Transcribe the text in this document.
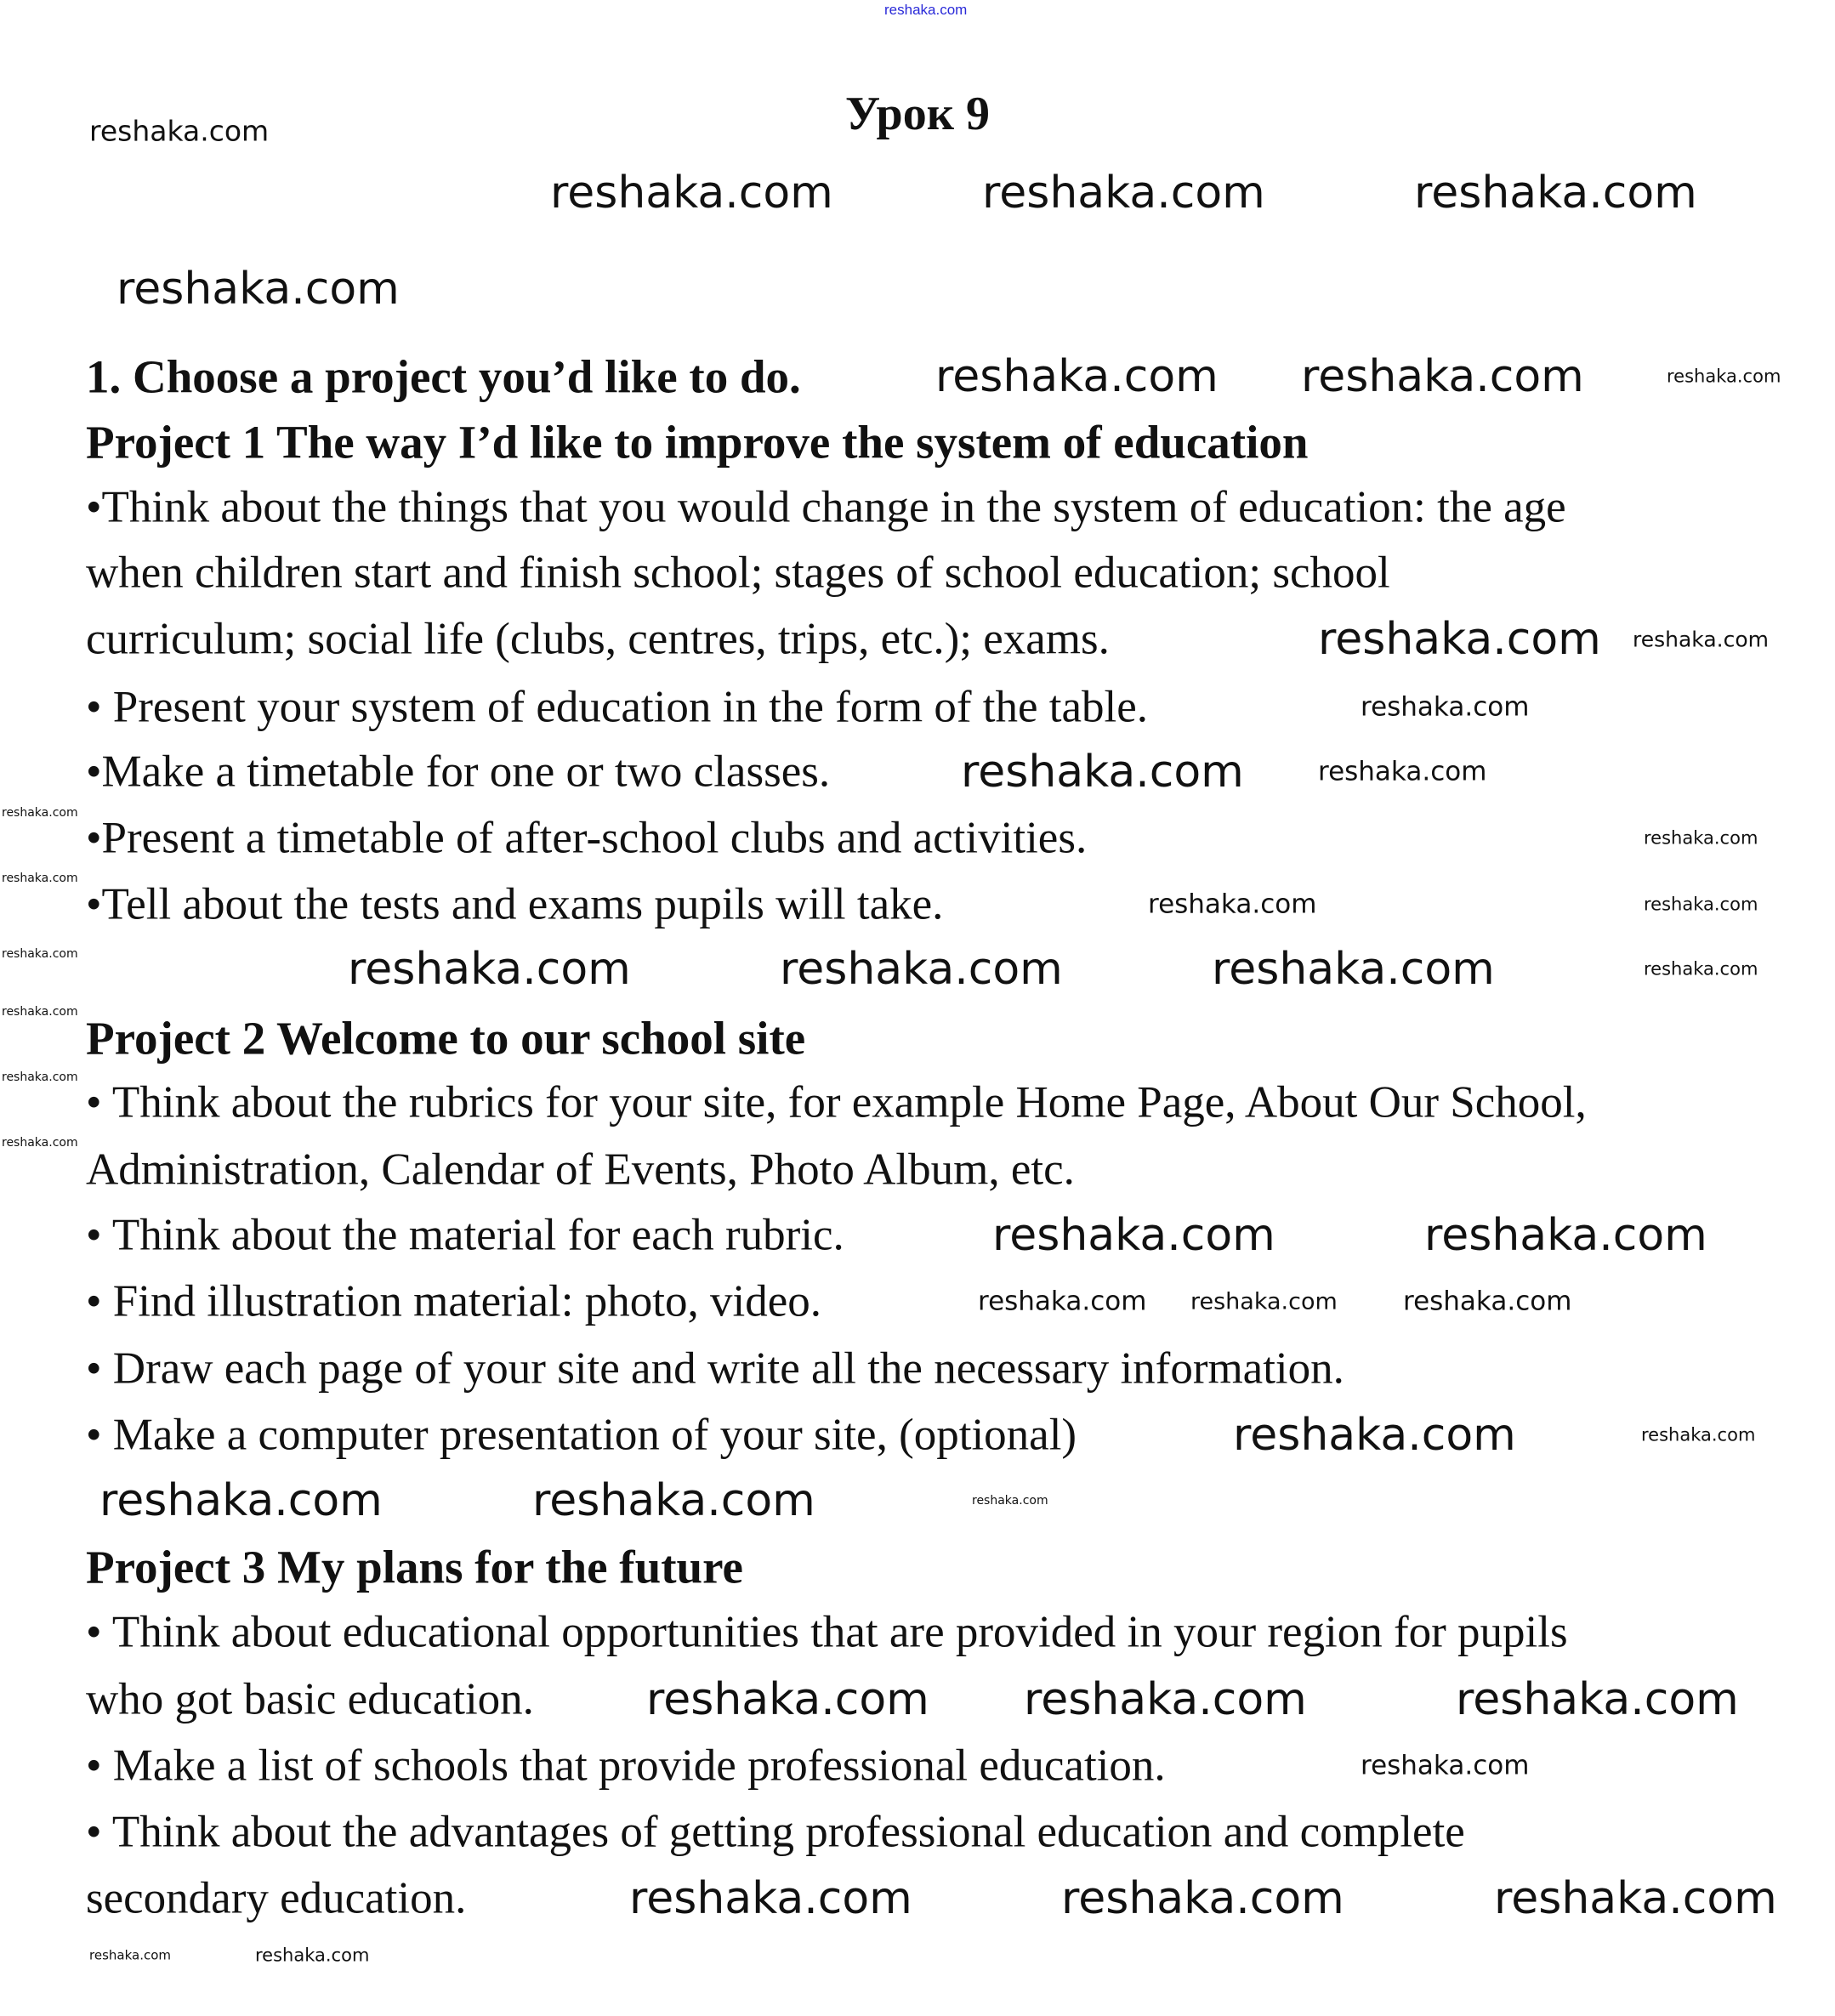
reshaka.com
Урок 9
1. Choose a project you’d like to do.
Project 1 The way I’d like to improve the system of education
•Think about the things that you would change in the system of education: the age
when children start and finish school; stages of school education; school
curriculum; social life (clubs, centres, trips, etc.); exams.
• Present your system of education in the form of the table.
•Make a timetable for one or two classes.
•Present a timetable of after-school clubs and activities.
•Tell about the tests and exams pupils will take.
Project 2 Welcome to our school site
• Think about the rubrics for your site, for example Home Page, About Our School,
Administration, Calendar of Events, Photo Album, etc.
• Think about the material for each rubric.
• Find illustration material: photo, video.
• Draw each page of your site and write all the necessary information.
• Make a computer presentation of your site, (optional)
Project 3 My plans for the future
• Think about educational opportunities that are provided in your region for pupils
who got basic education.
• Make a list of schools that provide professional education.
• Think about the advantages of getting professional education and complete
secondary education.
reshaka.com
reshaka.com	reshaka.com	reshaka.com
reshaka.com
reshaka.com
reshaka.com reshaka.com
reshaka.com
reshaka.com
reshaka.com
reshaka.com	reshaka.com
reshaka.com
reshaka.com
reshaka.com
reshaka.com	reshaka.com
reshaka.com	reshaka.com	reshaka.com	reshaka.com	reshaka.com
reshaka.com
reshaka.com
reshaka.com
reshaka.com	reshaka.com
reshaka.com reshaka.com reshaka.com
reshaka.com	reshaka.com
reshaka.com	reshaka.com	reshaka.com
reshaka.com reshaka.com	reshaka.com
reshaka.com
reshaka.com	reshaka.com	reshaka.com
reshaka.com	reshaka.com
